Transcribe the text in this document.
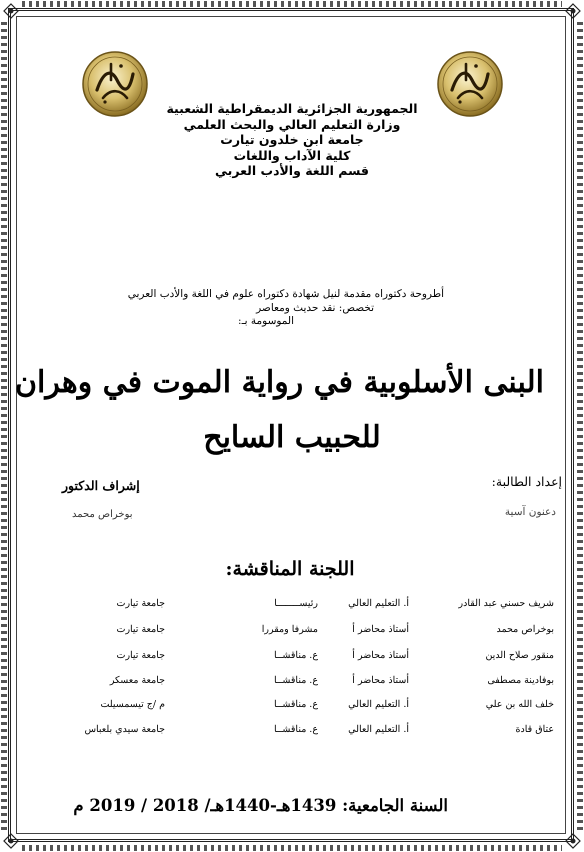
الجمهورية الجزائرية الديمقراطية الشعبية
وزارة التعليم العالي والبحث العلمي
جامعة ابن خلدون تيارت
كلية الآداب واللغات
قسم اللغة والأدب العربي
أطروحة دكتوراه مقدمة لنيل شهادة دكتوراه علوم في اللغة والأدب العربي
تخصص: نقد حديث ومعاصر
الموسومة بـ:
البنى الأسلوبية في رواية الموت في وهران
للحبيب السايح
إعداد الطالبة:
دعنون آسية
إشراف الدكتور
بوخراص محمد
اللجنة المناقشة:
شريف حسني عبد القادر
أ. التعليم العالي
رئيســــــــا
جامعة تيارت
بوخراص محمد
أستاذ محاضر أ
مشرفا ومقررا
جامعة تيارت
منقور صلاح الدين
أستاذ محاضر أ
ع. مناقشــا
جامعة تيارت
بوفادينة مصطفى
أستاذ محاضر أ
ع. مناقشــا
جامعة معسكر
خلف الله بن علي
أ. التعليم العالي
ع. مناقشــا
م /ج تيسمسيلت
عتاق قادة
أ. التعليم العالي
ع. مناقشــا
جامعة سيدي بلعباس
السنة الجامعية: 1439هـ-1440هـ/ 2018 / 2019 م
